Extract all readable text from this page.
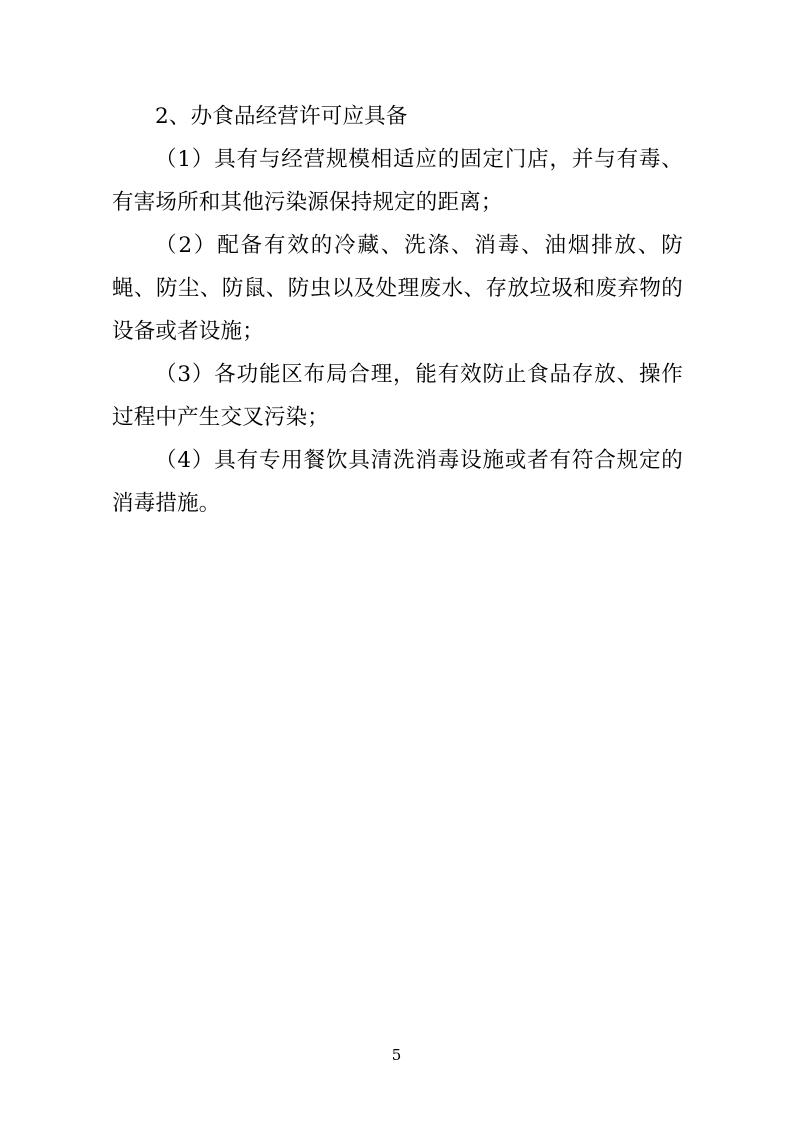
2、办食品经营许可应具备

（1）具有与经营规模相适应的固定门店，并与有毒、有害场所和其他污染源保持规定的距离；

（2）配备有效的冷藏、洗涤、消毒、油烟排放、防蝇、防尘、防鼠、防虫以及处理废水、存放垃圾和废弃物的设备或者设施；

（3）各功能区布局合理，能有效防止食品存放、操作过程中产生交叉污染；

（4）具有专用餐饮具清洗消毒设施或者有符合规定的消毒措施。

5
